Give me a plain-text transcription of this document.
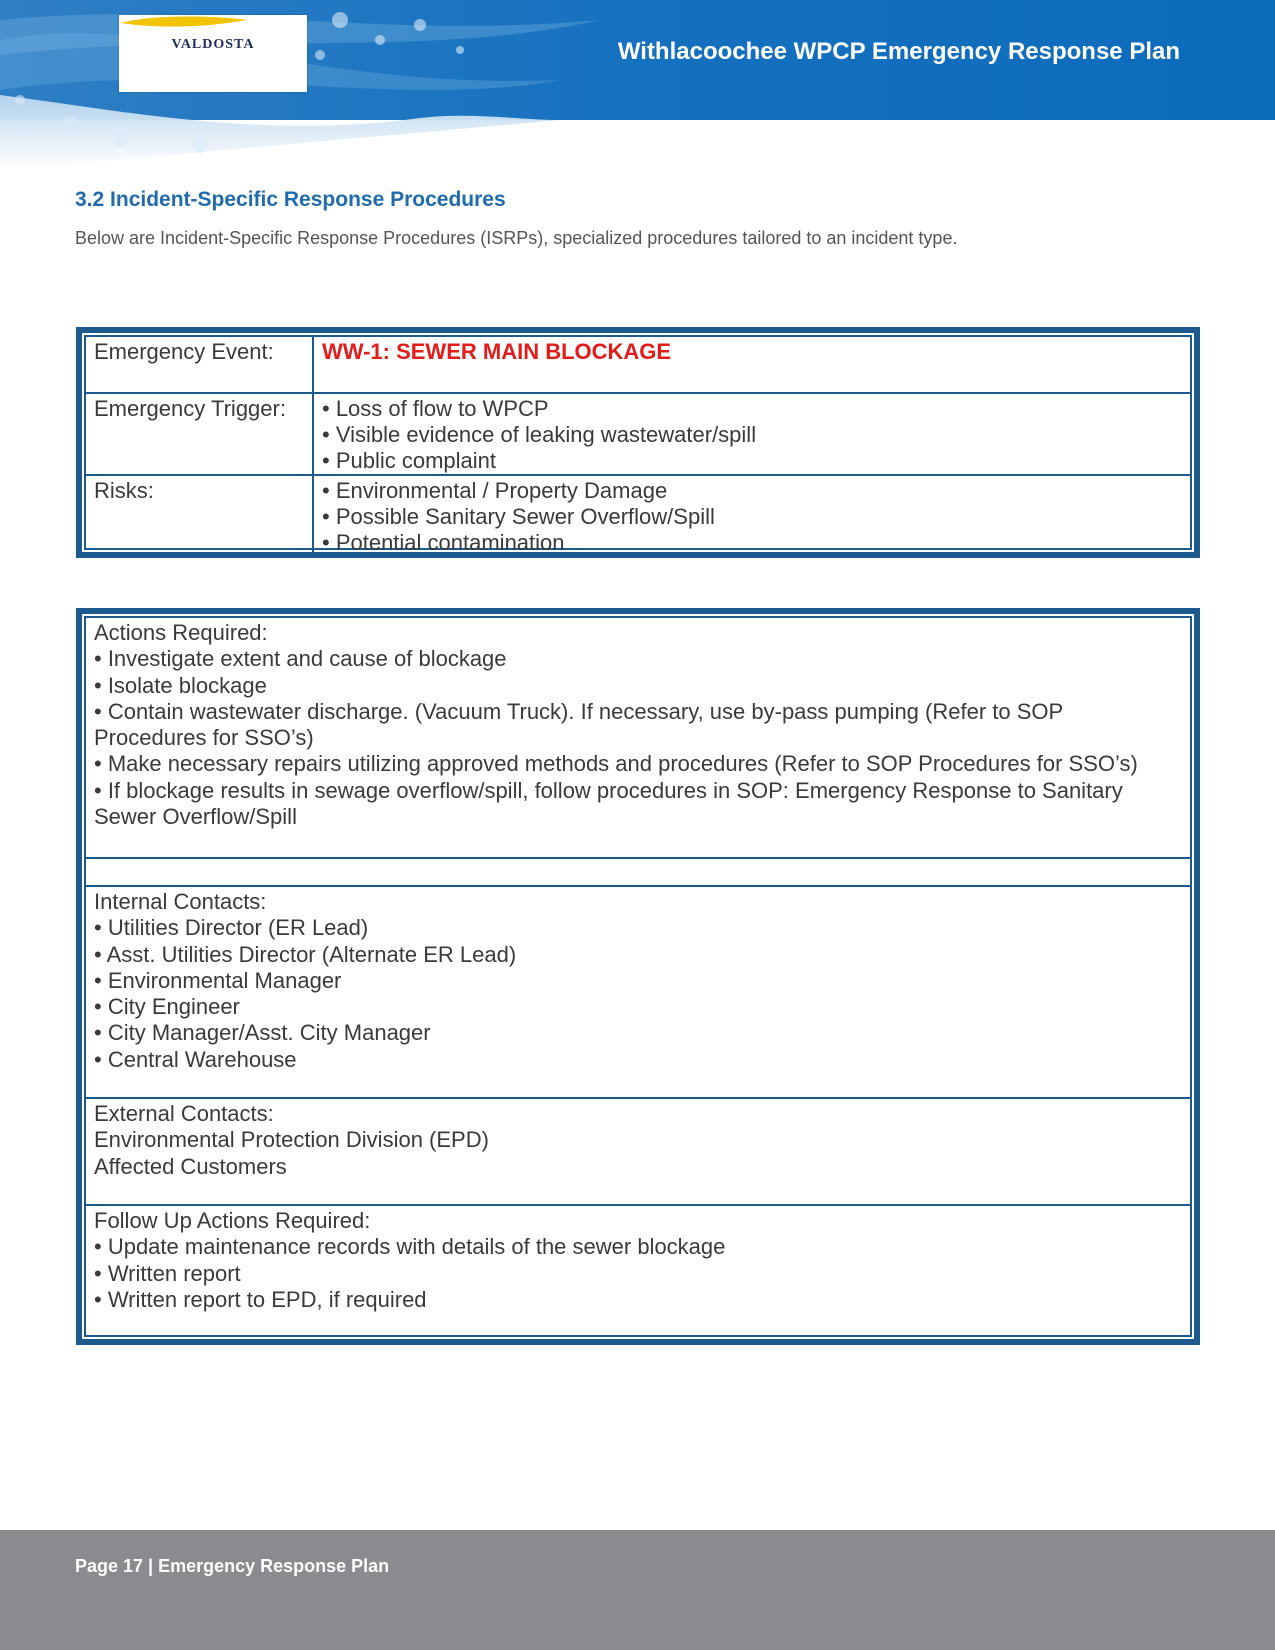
VALDOSTA	Withlacoochee WPCP Emergency Response Plan
3.2 Incident-Specific Response Procedures
Below are Incident-Specific Response Procedures (ISRPs), specialized procedures tailored to an incident type.
Emergency Event:	WW-1: SEWER MAIN BLOCKAGE
Emergency Trigger:	• Loss of flow to WPCP
• Visible evidence of leaking wastewater/spill
• Public complaint

Risks:	• Environmental / Property Damage
• Possible Sanitary Sewer Overflow/Spill
• Potential contamination
Actions Required:
• Investigate extent and cause of blockage
• Isolate blockage
• Contain wastewater discharge. (Vacuum Truck). If necessary, use by-pass pumping (Refer to SOP
Procedures for SSO’s)
• Make necessary repairs utilizing approved methods and procedures (Refer to SOP Procedures for SSO’s)
• If blockage results in sewage overflow/spill, follow procedures in SOP: Emergency Response to Sanitary
Sewer Overflow/Spill
Internal Contacts:
• Utilities Director (ER Lead)
• Asst. Utilities Director (Alternate ER Lead)
• Environmental Manager
• City Engineer
• City Manager/Asst. City Manager
• Central Warehouse
External Contacts:
Environmental Protection Division (EPD)
Affected Customers
Follow Up Actions Required:
• Update maintenance records with details of the sewer blockage
• Written report
• Written report to EPD, if required
Page 17 | Emergency Response Plan
